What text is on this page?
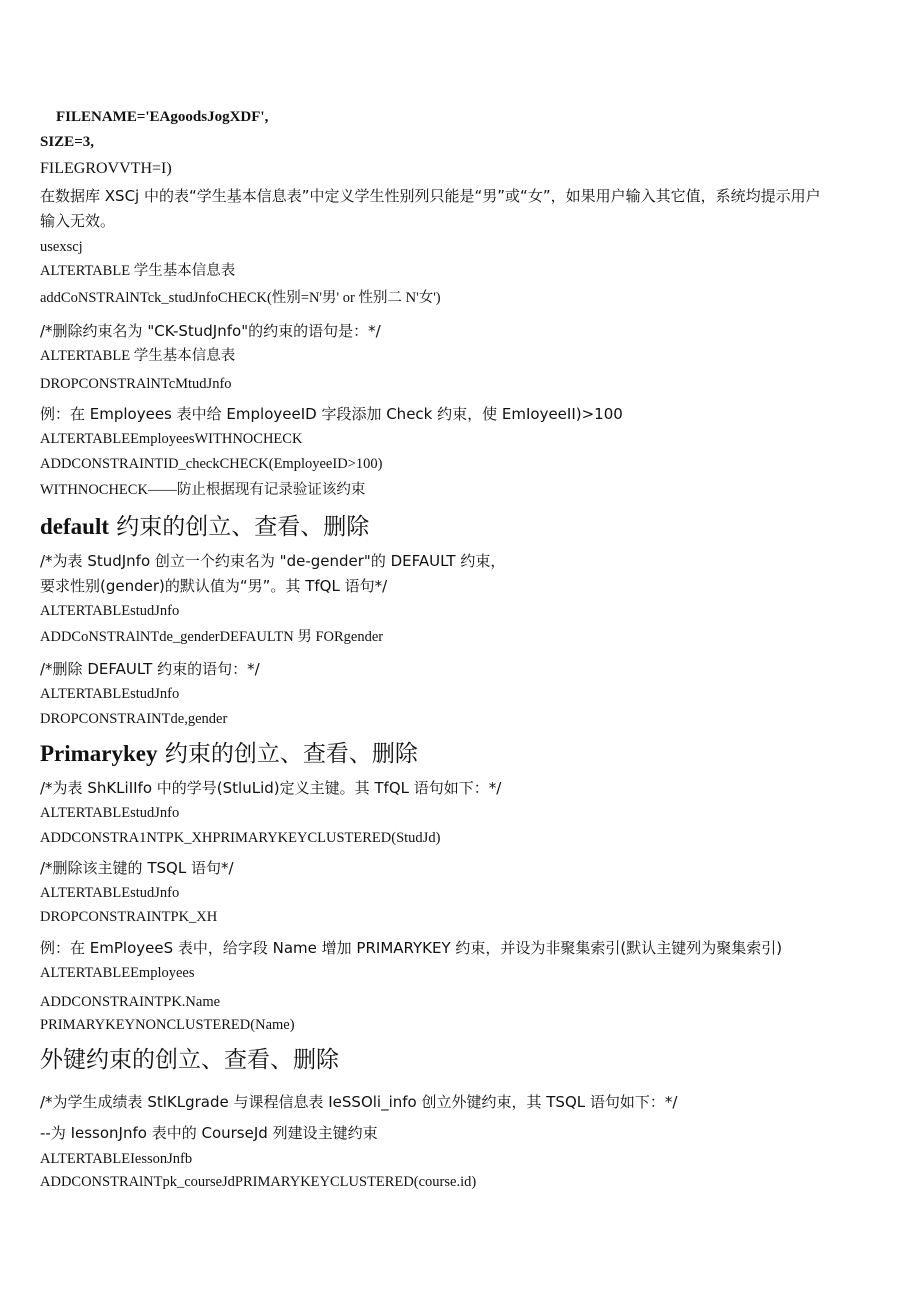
FILENAME='EAgoodsJogXDF',
SIZE=3,
FILEGROVVTH=I)
在数据库 XSCj 中的表“学生基本信息表”中定义学生性别列只能是“男”或“女”，如果用户输入其它值，系统均提示用户
输入无效。
usexscj
ALTERTABLE 学生基本信息表
addCoNSTRAlNTck_studJnfoCHECK(性别=N'男' or 性别二 N'女')
/*删除约束名为 "CK-StudJnfo"的约束的语句是：*/
ALTERTABLE 学生基本信息表
DROPCONSTRAlNTcMtudJnfo
例：在 Employees 表中给 EmployeeID 字段添加 Check 约束，使 EmIoyeeII)>100
ALTERTABLEEmployeesWITHNOCHECK
ADDCONSTRAINTID_checkCHECK(EmployeeID>100)
WITHNOCHECK——防止根据现有记录验证该约束
default 约束的创立、查看、删除
/*为表 StudJnfo 创立一个约束名为 "de-gender"的 DEFAULT 约束，
要求性别(gender)的默认值为“男”。其 TfQL 语句*/
ALTERTABLEstudJnfo
ADDCoNSTRAlNTde_genderDEFAULTN 男 FORgender
/*删除 DEFAULT 约束的语句：*/
ALTERTABLEstudJnfo
DROPCONSTRAINTde,gender
Primarykey 约束的创立、查看、删除
/*为表 ShKLiIIfo 中的学号(StluLid)定义主键。其 TfQL 语句如下：*/
ALTERTABLEstudJnfo
ADDCONSTRA1NTPK_XHPRIMARYKEYCLUSTERED(StudJd)
/*删除该主键的 TSQL 语句*/
ALTERTABLEstudJnfo
DROPCONSTRAINTPK_XH
例：在 EmPloyeeS 表中，给字段 Name 增加 PRIMARYKEY 约束，并设为非聚集索引(默认主键列为聚集索引)
ALTERTABLEEmployees
ADDCONSTRAINTPK.Name
PRIMARYKEYNONCLUSTERED(Name)
外键约束的创立、查看、删除
/*为学生成绩表 StlKLgrade 与课程信息表 IeSSOli_info 创立外键约束，其 TSQL 语句如下：*/
--为 IessonJnfo 表中的 CourseJd 列建设主键约束
ALTERTABLEIessonJnfb
ADDCONSTRAlNTpk_courseJdPRIMARYKEYCLUSTERED(course.id)
